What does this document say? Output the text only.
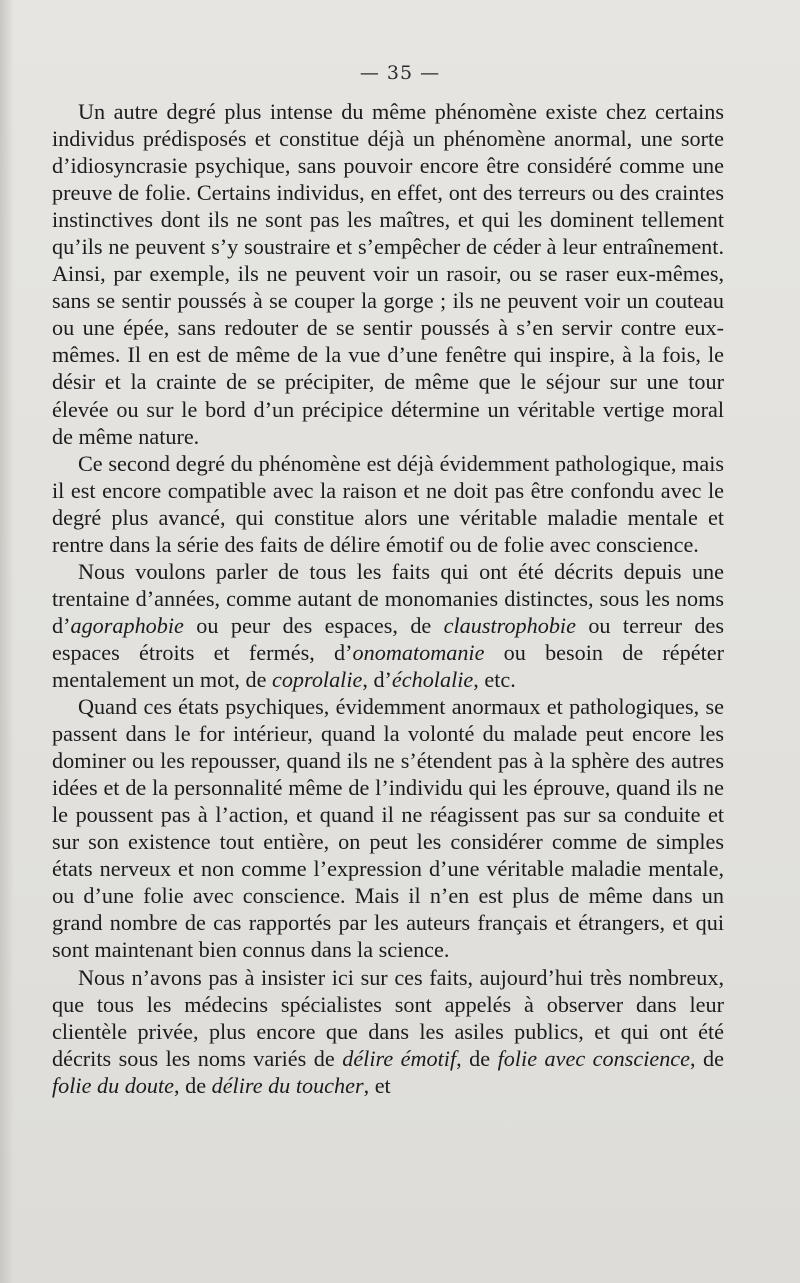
— 35 —

Un autre degré plus intense du même phénomène existe chez certains individus prédisposés et constitue déjà un phénomène anormal, une sorte d’idiosyncrasie psychique, sans pouvoir encore être considéré comme une preuve de folie. Certains individus, en effet, ont des terreurs ou des craintes instinctives dont ils ne sont pas les maîtres, et qui les dominent tellement qu’ils ne peuvent s’y soustraire et s’empêcher de céder à leur entraînement. Ainsi, par exemple, ils ne peuvent voir un rasoir, ou se raser eux-mêmes, sans se sentir poussés à se couper la gorge ; ils ne peuvent voir un couteau ou une épée, sans redouter de se sentir poussés à s’en servir contre eux-mêmes. Il en est de même de la vue d’une fenêtre qui inspire, à la fois, le désir et la crainte de se précipiter, de même que le séjour sur une tour élevée ou sur le bord d’un précipice détermine un véritable vertige moral de même nature.

Ce second degré du phénomène est déjà évidemment pathologique, mais il est encore compatible avec la raison et ne doit pas être confondu avec le degré plus avancé, qui constitue alors une véritable maladie mentale et rentre dans la série des faits de délire émotif ou de folie avec conscience.

Nous voulons parler de tous les faits qui ont été décrits depuis une trentaine d’années, comme autant de monomanies distinctes, sous les noms d’agoraphobie ou peur des espaces, de claustrophobie ou terreur des espaces étroits et fermés, d’onomatomanie ou besoin de répéter mentalement un mot, de coprolalie, d’écholalie, etc.

Quand ces états psychiques, évidemment anormaux et pathologiques, se passent dans le for intérieur, quand la volonté du malade peut encore les dominer ou les repousser, quand ils ne s’étendent pas à la sphère des autres idées et de la personnalité même de l’individu qui les éprouve, quand ils ne le poussent pas à l’action, et quand il ne réagissent pas sur sa conduite et sur son existence tout entière, on peut les considérer comme de simples états nerveux et non comme l’expression d’une véritable maladie mentale, ou d’une folie avec conscience. Mais il n’en est plus de même dans un grand nombre de cas rapportés par les auteurs français et étrangers, et qui sont maintenant bien connus dans la science.

Nous n’avons pas à insister ici sur ces faits, aujourd’hui très nombreux, que tous les médecins spécialistes sont appelés à observer dans leur clientèle privée, plus encore que dans les asiles publics, et qui ont été décrits sous les noms variés de délire émotif, de folie avec conscience, de folie du doute, de délire du toucher, et
